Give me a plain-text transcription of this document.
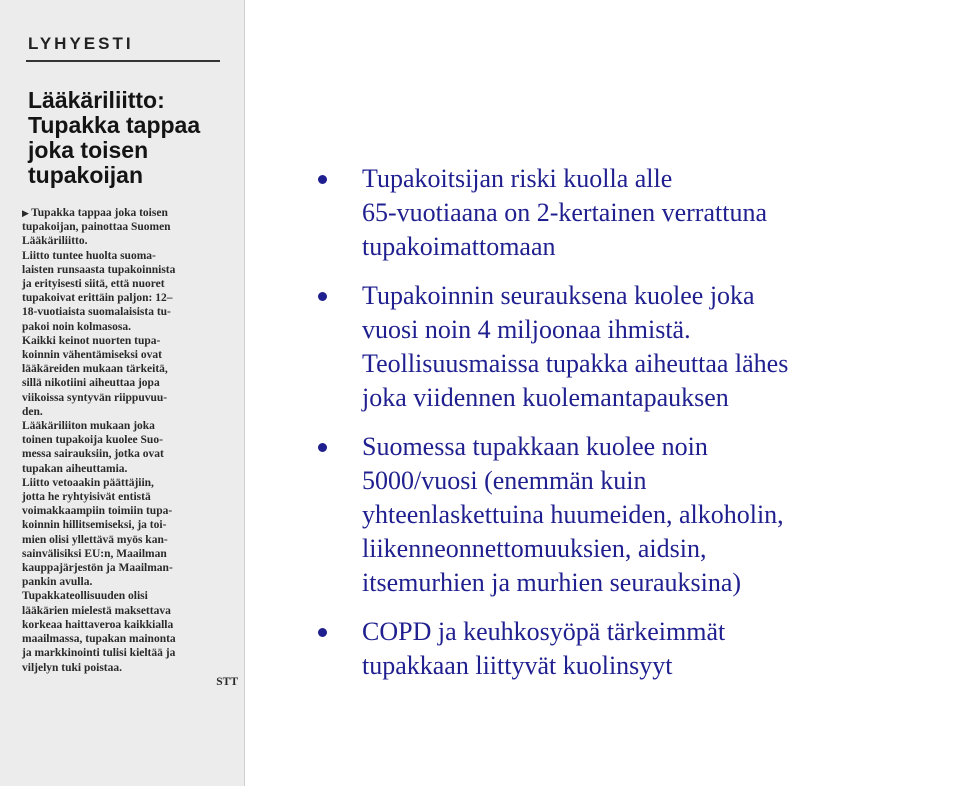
LYHYESTI
Lääkäriliitto:
Tupakka tappaa
joka toisen
tupakoijan

▶ Tupakka tappaa joka toisen
tupakoijan, painottaa Suomen
Lääkäriliitto.

Liitto tuntee huolta suoma-
laisten runsaasta tupakoinnista
ja erityisesti siitä, että nuoret
tupakoivat erittäin paljon: 12–
18-vuotiaista suomalaisista tu-
pakoi noin kolmasosa.

Kaikki keinot nuorten tupa-
koinnin vähentämiseksi ovat
lääkäreiden mukaan tärkeitä,
sillä nikotiini aiheuttaa jopa
viikoissa syntyvän riippuvuu-
den.

Lääkäriliiton mukaan joka
toinen tupakoija kuolee Suo-
messa sairauksiin, jotka ovat
tupakan aiheuttamia.

Liitto vetoaakin päättäjiin,
jotta he ryhtyisivät entistä
voimakkaampiin toimiin tupa-
koinnin hillitsemiseksi, ja toi-
mien olisi yllettävä myös kan-
sainvälisiksi EU:n, Maailman
kauppajärjestön ja Maailman-
pankin avulla.

Tupakkateollisuuden olisi
lääkärien mielestä maksettava
korkeaa haittaveroa kaikkialla
maailmassa, tupakan mainonta
ja markkinointi tulisi kieltää ja
viljelyn tuki poistaa.

STT
Tupakoitsijan riski kuolla alle
65-vuotiaana on 2-kertainen verrattuna
tupakoimattomaan
Tupakoinnin seurauksena kuolee joka
vuosi noin 4 miljoonaa ihmistä.
Teollisuusmaissa tupakka aiheuttaa lähes
joka viidennen kuolemantapauksen
Suomessa tupakkaan kuolee noin
5000/vuosi (enemmän kuin
yhteenlaskettuina huumeiden, alkoholin,
liikenneonnettomuuksien, aidsin,
itsemurhien ja murhien seurauksina)
COPD ja keuhkosyöpä tärkeimmät
tupakkaan liittyvät kuolinsyyt
